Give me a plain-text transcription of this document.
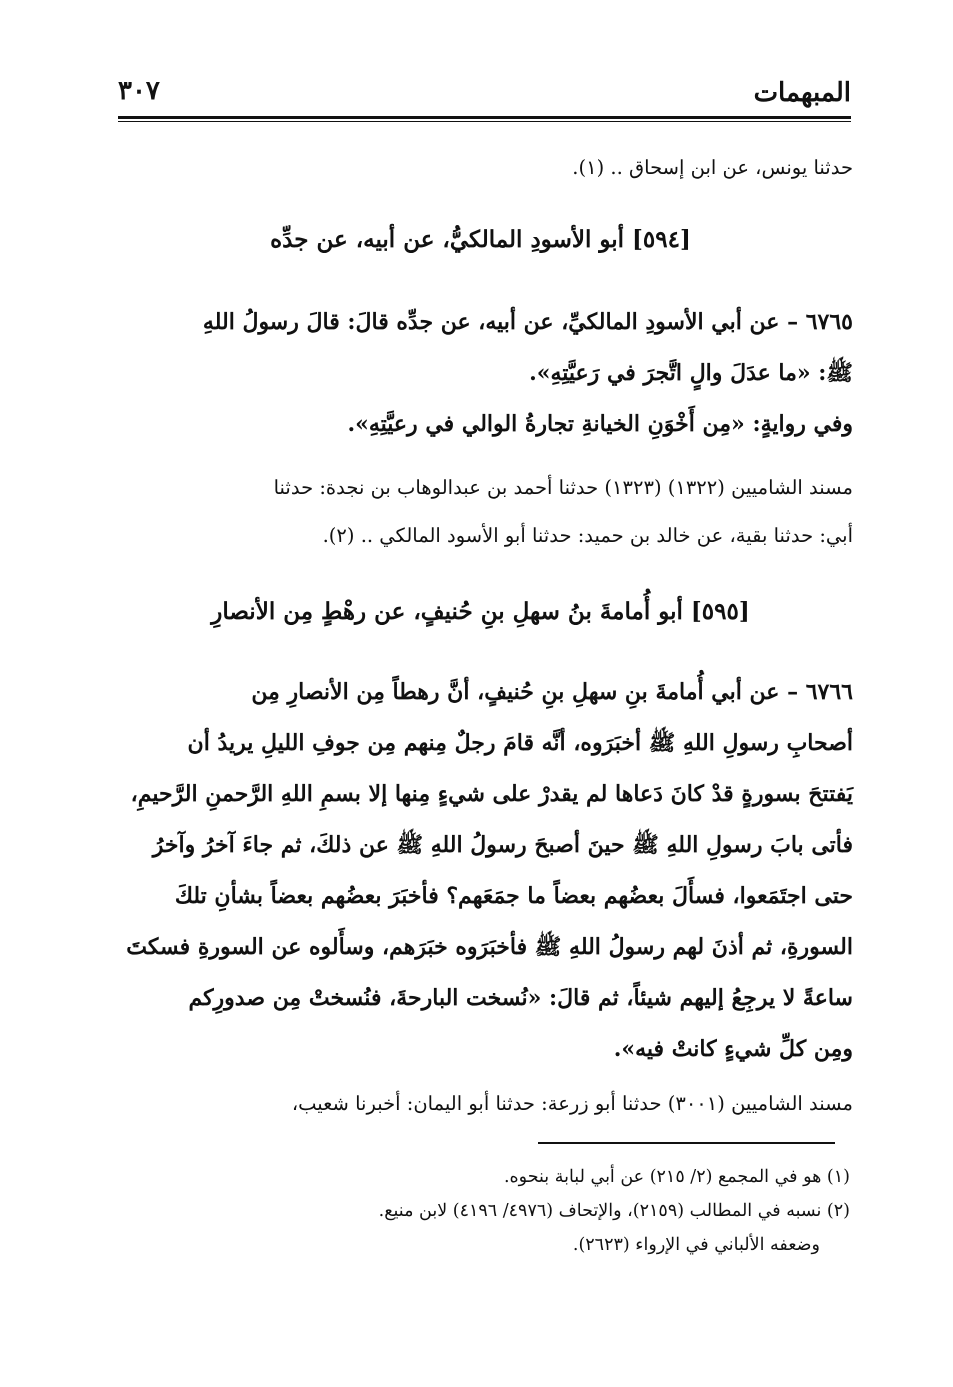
المبهمات
٣٠٧
حدثنا يونس، عن ابن إسحاق .. (١).
[٥٩٤] أبو الأسودِ المالكيُّ، عن أبيه، عن جدِّه
٦٧٦٥ – عن أبي الأسودِ المالكيِّ، عن أبيه، عن جدِّه قالَ: قالَ رسولُ اللهِ
ﷺ: «ما عدَلَ والٍ اتَّجرَ في رَعيَّتِهِ».
وفي روايةٍ: «مِن أَخْوَنِ الخيانةِ تجارةُ الوالي في رعيَّتِهِ».
مسند الشاميين (١٣٢٢) (١٣٢٣) حدثنا أحمد بن عبدالوهاب بن نجدة: حدثنا
أبي: حدثنا بقية، عن خالد بن حميد: حدثنا أبو الأسود المالكي .. (٢).
[٥٩٥] أبو أُمامةَ بنُ سهلِ بنِ حُنيفٍ، عن رهْطٍ مِن الأنصارِ
٦٧٦٦ – عن أبي أُمامةَ بنِ سهلِ بنِ حُنيفٍ، أنَّ رهطاً مِن الأنصارِ مِن
أصحابِ رسولِ اللهِ ﷺ أخبَرَوه، أنَّه قامَ رجلٌ مِنهم مِن جوفِ الليلِ يريدُ أن
يَفتتحَ بسورةٍ قدْ كانَ دَعاها لم يقدرْ على شيءٍ مِنها إلا بسمِ اللهِ الرَّحمنِ الرَّحيمِ،
فأتى بابَ رسولِ اللهِ ﷺ حينَ أصبحَ رسولُ اللهِ ﷺ عن ذلكَ، ثم جاءَ آخرُ وآخرُ
حتى اجتَمَعوا، فسأَلَ بعضُهم بعضاً ما جمَعَهم؟ فأخبَرَ بعضُهم بعضاً بشأنِ تلكَ
السورةِ، ثم أذنَ لهم رسولُ اللهِ ﷺ فأخبَرَوه خبَرَهم، وسأَلوه عن السورةِ فسكتَ
ساعةً لا يرجِعُ إليهم شيئاً، ثم قالَ: «نُسخت البارحةَ، فنُسختْ مِن صدورِكم
ومِن كلِّ شيءٍ كانتْ فيه».
مسند الشاميين (٣٠٠١) حدثنا أبو زرعة: حدثنا أبو اليمان: أخبرنا شعيب،
(١) هو في المجمع (٢/ ٢١٥) عن أبي لبابة بنحوه.
(٢) نسبه في المطالب (٢١٥٩)، والإتحاف (٤٩٧٦/ ٤١٩٦) لابن منيع.
وضعفه الألباني في الإرواء (٢٦٢٣).
